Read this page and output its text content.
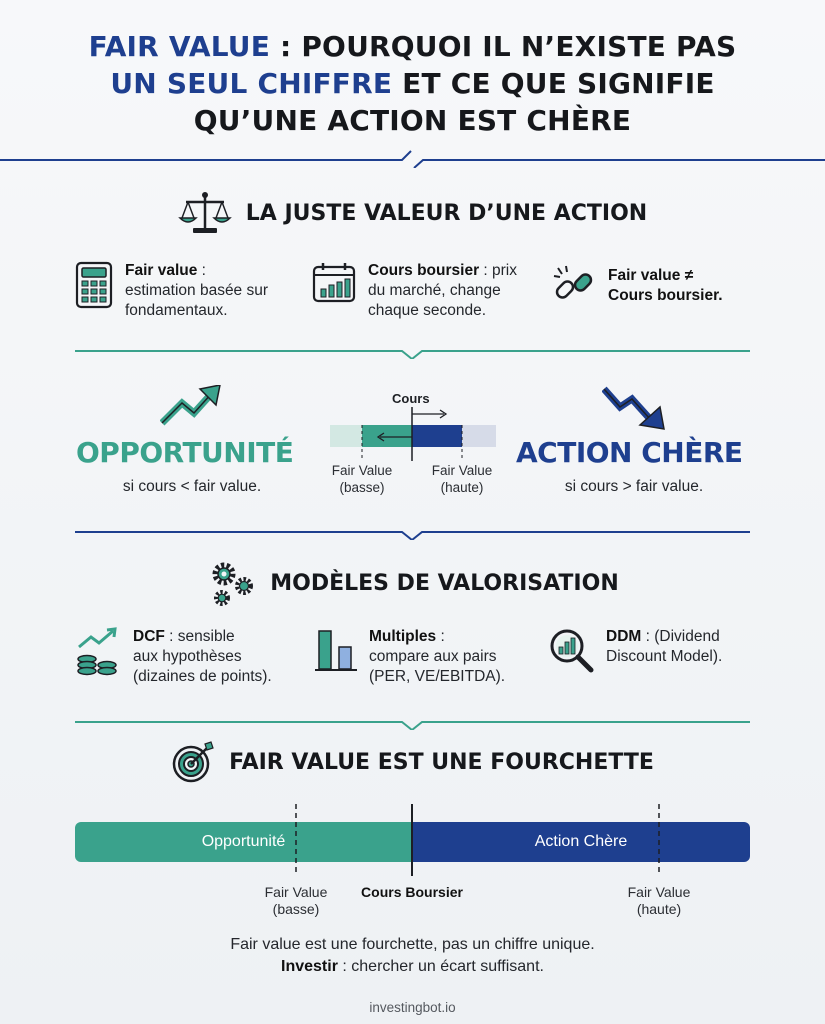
FAIR VALUE : POURQUOI IL N’EXISTE PAS
UN SEUL CHIFFRE ET CE QUE SIGNIFIE
QU’UNE ACTION EST CHÈRE
LA JUSTE VALEUR D’UNE ACTION
Fair value :
estimation basée sur
fondamentaux.
Cours boursier : prix
du marché, change
chaque seconde.
Fair value ≠
Cours boursier.
OPPORTUNITÉ
si cours < fair value.
ACTION CHÈRE
si cours > fair value.
Cours
Fair Value
(basse)
Fair Value
(haute)
MODÈLES DE VALORISATION
DCF : sensible
aux hypothèses
(dizaines de points).
Multiples :
compare aux pairs
(PER, VE/EBITDA).
DDM : (Dividend
Discount Model).
FAIR VALUE EST UNE FOURCHETTE
Opportunité	Action Chère
Fair Value
(basse)
Cours Boursier	Fair Value
(haute)
Fair value est une fourchette, pas un chiffre unique.
Investir : chercher un écart suffisant.
investingbot.io
